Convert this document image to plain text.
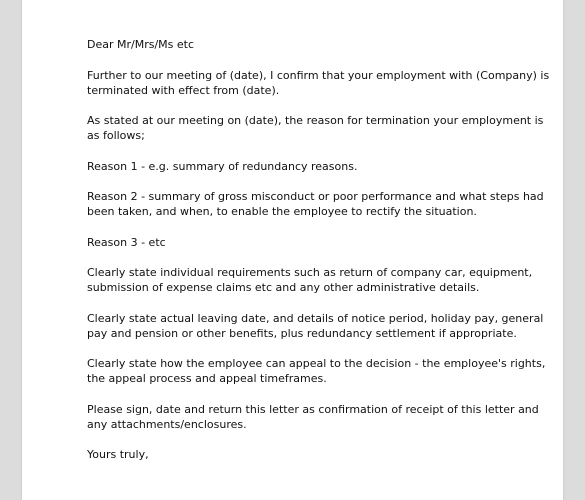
Dear Mr/Mrs/Ms etc
Further to our meeting of (date), I confirm that your employment with (Company) is
terminated with effect from (date).
As stated at our meeting on (date), the reason for termination your employment is
as follows;
Reason 1 - e.g. summary of redundancy reasons.
Reason 2 - summary of gross misconduct or poor performance and what steps had
been taken, and when, to enable the employee to rectify the situation.
Reason 3 - etc
Clearly state individual requirements such as return of company car, equipment,
submission of expense claims etc and any other administrative details.
Clearly state actual leaving date, and details of notice period, holiday pay, general
pay and pension or other benefits, plus redundancy settlement if appropriate.
Clearly state how the employee can appeal to the decision - the employee's rights,
the appeal process and appeal timeframes.
Please sign, date and return this letter as confirmation of receipt of this letter and
any attachments/enclosures.
Yours truly,
